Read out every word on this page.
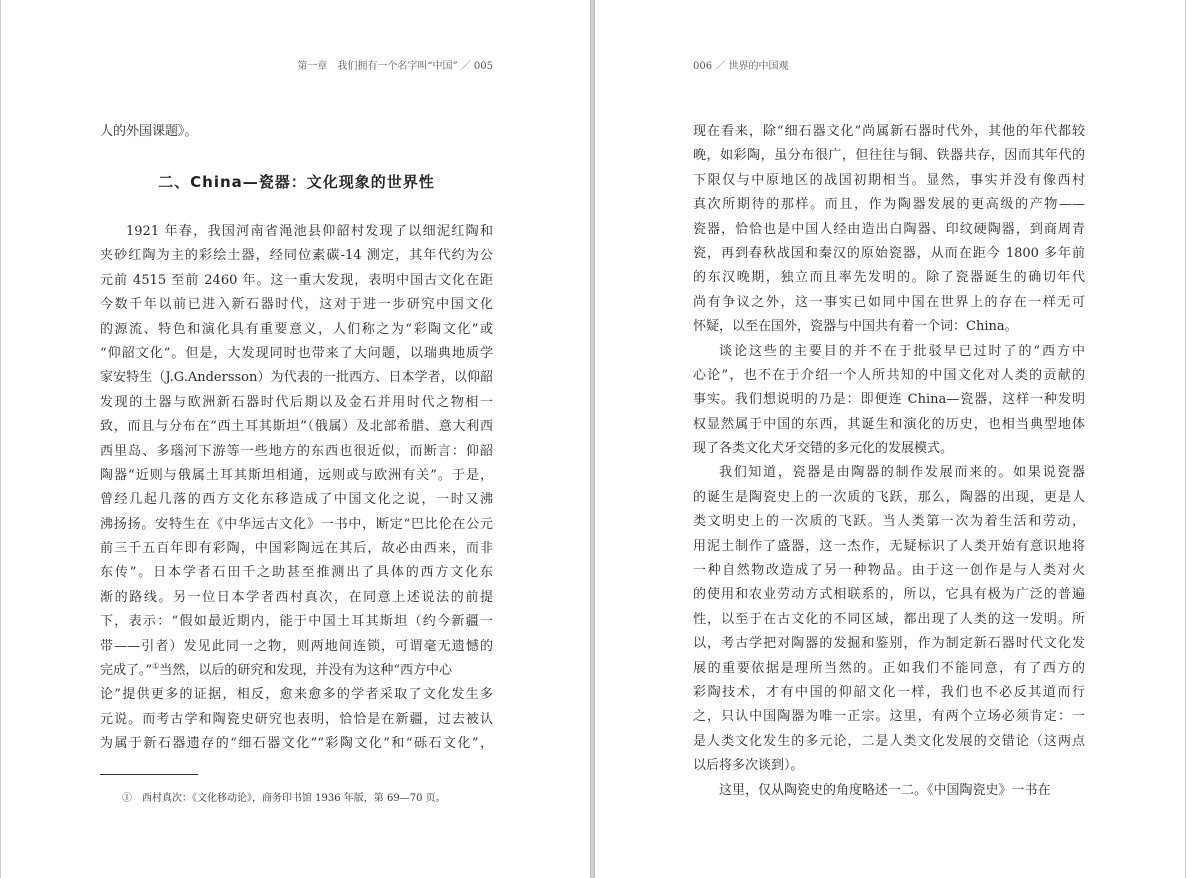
第一章　我们拥有一个名字叫“中国” ／ 005
人的外国课题》。
二、China—瓷器：文化现象的世界性
1921 年春，我国河南省渑池县仰韶村发现了以细泥红陶和
夹砂红陶为主的彩绘土器，经同位素碳-14 测定，其年代约为公
元前 4515 至前 2460 年。这一重大发现，表明中国古文化在距
今数千年以前已进入新石器时代，这对于进一步研究中国文化
的源流、特色和演化具有重要意义，人们称之为“彩陶文化”或
“仰韶文化”。但是，大发现同时也带来了大问题，以瑞典地质学
家安特生（J.G.Andersson）为代表的一批西方、日本学者，以仰韶
发现的土器与欧洲新石器时代后期以及金石并用时代之物相一
致，而且与分布在“西土耳其斯坦”（俄属）及北部希腊、意大利西
西里岛、多瑙河下游等一些地方的东西也很近似，而断言：仰韶
陶器“近则与俄属土耳其斯坦相通，远则或与欧洲有关”。于是，
曾经几起几落的西方文化东移造成了中国文化之说，一时又沸
沸扬扬。安特生在《中华远古文化》一书中，断定“巴比伦在公元
前三千五百年即有彩陶，中国彩陶远在其后，故必由西来，而非
东传”。日本学者石田千之助甚至推测出了具体的西方文化东
渐的路线。另一位日本学者西村真次，在同意上述说法的前提
下，表示：“假如最近期内，能于中国土耳其斯坦（约今新疆一
带——引者）发见此同一之物，则两地间连锁，可谓毫无遗憾的
完成了。”①当然，以后的研究和发现，并没有为这种“西方中心
论”提供更多的证据，相反，愈来愈多的学者采取了文化发生多
元说。而考古学和陶瓷史研究也表明，恰恰是在新疆，过去被认
为属于新石器遗存的“细石器文化”“彩陶文化”和“砾石文化”，
①　西村真次：《文化移动论》，商务印书馆 1936 年版，第 69—70 页。
006 ／ 世界的中国观
现在看来，除“细石器文化”尚属新石器时代外，其他的年代都较
晚，如彩陶，虽分布很广，但往往与铜、铁器共存，因而其年代的
下限仅与中原地区的战国初期相当。显然，事实并没有像西村
真次所期待的那样。而且，作为陶器发展的更高级的产物——
瓷器，恰恰也是中国人经由造出白陶器、印纹硬陶器，到商周青
瓷，再到春秋战国和秦汉的原始瓷器，从而在距今 1800 多年前
的东汉晚期，独立而且率先发明的。除了瓷器诞生的确切年代
尚有争议之外，这一事实已如同中国在世界上的存在一样无可
怀疑，以至在国外，瓷器与中国共有着一个词：China。
谈论这些的主要目的并不在于批驳早已过时了的“西方中
心论”，也不在于介绍一个人所共知的中国文化对人类的贡献的
事实。我们想说明的乃是：即便连 China—瓷器，这样一种发明
权显然属于中国的东西，其诞生和演化的历史，也相当典型地体
现了各类文化犬牙交错的多元化的发展模式。
我们知道，瓷器是由陶器的制作发展而来的。如果说瓷器
的诞生是陶瓷史上的一次质的飞跃，那么，陶器的出现，更是人
类文明史上的一次质的飞跃。当人类第一次为着生活和劳动，
用泥土制作了盛器，这一杰作，无疑标识了人类开始有意识地将
一种自然物改造成了另一种物品。由于这一创作是与人类对火
的使用和农业劳动方式相联系的，所以，它具有极为广泛的普遍
性，以至于在古文化的不同区域，都出现了人类的这一发明。所
以，考古学把对陶器的发掘和鉴别，作为制定新石器时代文化发
展的重要依据是理所当然的。正如我们不能同意，有了西方的
彩陶技术，才有中国的仰韶文化一样，我们也不必反其道而行
之，只认中国陶器为唯一正宗。这里，有两个立场必须肯定：一
是人类文化发生的多元论，二是人类文化发展的交错论（这两点
以后将多次谈到）。
这里，仅从陶瓷史的角度略述一二。《中国陶瓷史》一书在
